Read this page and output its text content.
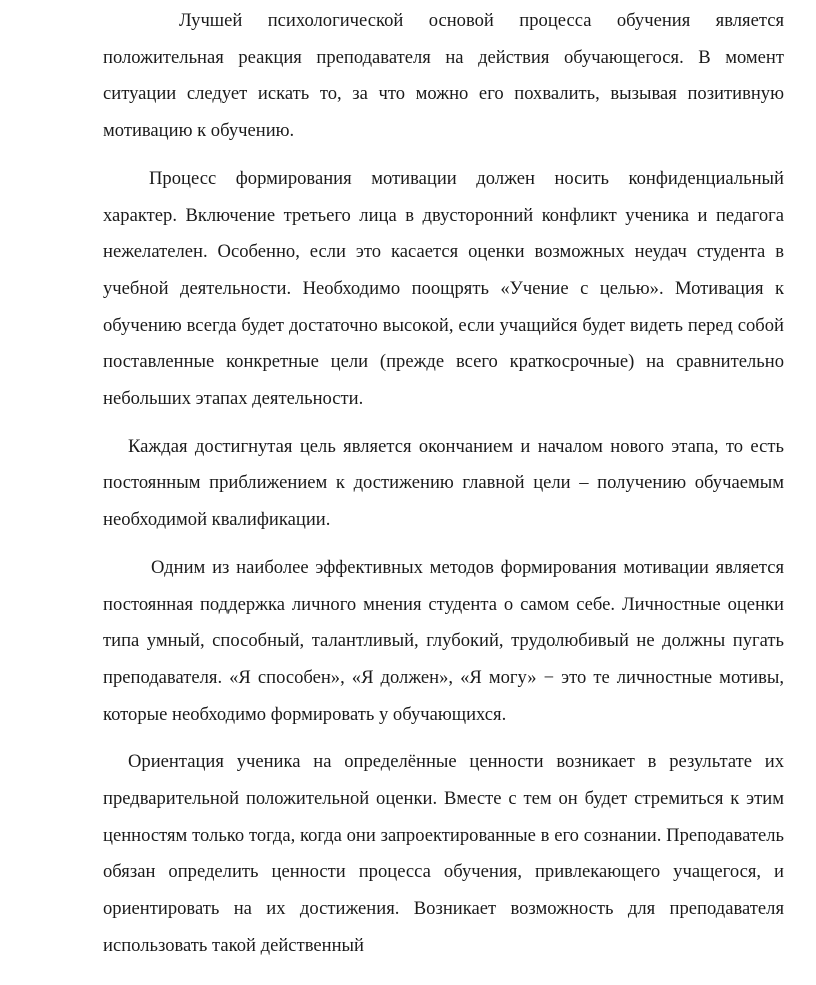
Лучшей психологической основой процесса обучения является положительная реакция преподавателя на действия обучающегося. В момент ситуации следует искать то, за что можно его похвалить, вызывая позитивную мотивацию к обучению.

Процесс формирования мотивации должен носить конфиденциальный характер. Включение третьего лица в двусторонний конфликт ученика и педагога нежелателен. Особенно, если это касается оценки возможных неудач студента в учебной деятельности. Необходимо поощрять «Учение с целью». Мотивация к обучению всегда будет достаточно высокой, если учащийся будет видеть перед собой поставленные конкретные цели (прежде всего краткосрочные) на сравнительно небольших этапах деятельности.

Каждая достигнутая цель является окончанием и началом нового этапа, то есть постоянным приближением к достижению главной цели – получению обучаемым необходимой квалификации.

Одним из наиболее эффективных методов формирования мотивации является постоянная поддержка личного мнения студента о самом себе. Личностные оценки типа умный, способный, талантливый, глубокий, трудолюбивый не должны пугать преподавателя. «Я способен», «Я должен», «Я могу» − это те личностные мотивы, которые необходимо формировать у обучающихся.

Ориентация ученика на определённые ценности возникает в результате их предварительной положительной оценки. Вместе с тем он будет стремиться к этим ценностям только тогда, когда они запроектированные в его сознании. Преподаватель обязан определить ценности процесса обучения, привлекающего учащегося, и ориентировать на их достижения. Возникает возможность для преподавателя использовать такой действенный
